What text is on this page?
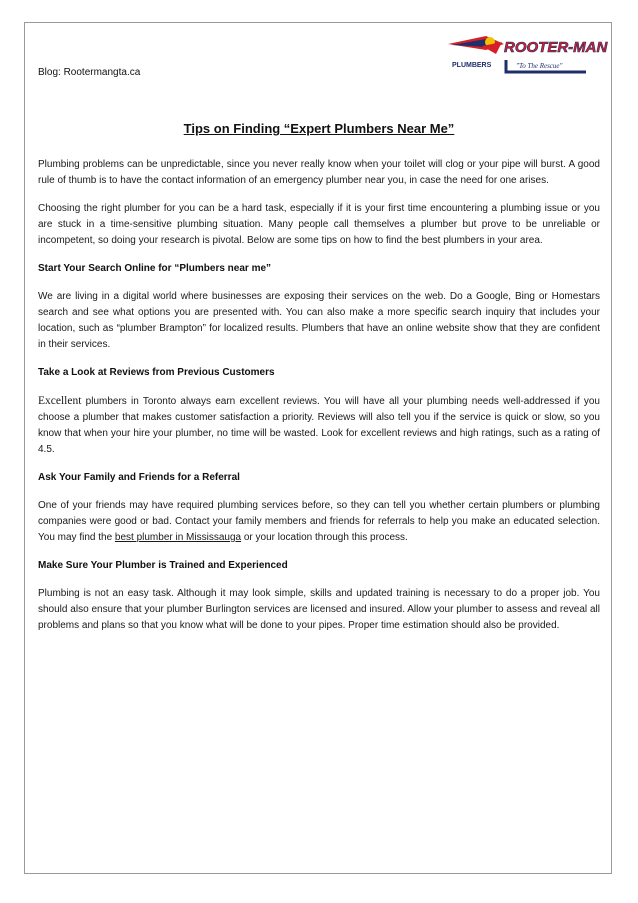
Blog: Rootermangta.ca
ROOTER-MAN
PLUMBERS	"To The Rescue"
Tips on Finding “Expert Plumbers Near Me”

Plumbing problems can be unpredictable, since you never really know when your toilet will clog or your pipe will burst. A good rule of thumb is to have the contact information of an emergency plumber near you, in case the need for one arises.

Choosing the right plumber for you can be a hard task, especially if it is your first time encountering a plumbing issue or you are stuck in a time-sensitive plumbing situation. Many people call themselves a plumber but prove to be unreliable or incompetent, so doing your research is pivotal. Below are some tips on how to find the best plumbers in your area.

Start Your Search Online for “Plumbers near me”

We are living in a digital world where businesses are exposing their services on the web. Do a Google, Bing or Homestars search and see what options you are presented with. You can also make a more specific search inquiry that includes your location, such as “plumber Brampton” for localized results. Plumbers that have an online website show that they are confident in their services.

Take a Look at Reviews from Previous Customers

Excellent plumbers in Toronto always earn excellent reviews. You will have all your plumbing needs well-addressed if you choose a plumber that makes customer satisfaction a priority. Reviews will also tell you if the service is quick or slow, so you know that when your hire your plumber, no time will be wasted. Look for excellent reviews and high ratings, such as a rating of 4.5.

Ask Your Family and Friends for a Referral

One of your friends may have required plumbing services before, so they can tell you whether certain plumbers or plumbing companies were good or bad. Contact your family members and friends for referrals to help you make an educated selection. You may find the best plumber in Mississauga or your location through this process.

Make Sure Your Plumber is Trained and Experienced

Plumbing is not an easy task. Although it may look simple, skills and updated training is necessary to do a proper job. You should also ensure that your plumber Burlington services are licensed and insured. Allow your plumber to assess and reveal all problems and plans so that you know what will be done to your pipes. Proper time estimation should also be provided.
